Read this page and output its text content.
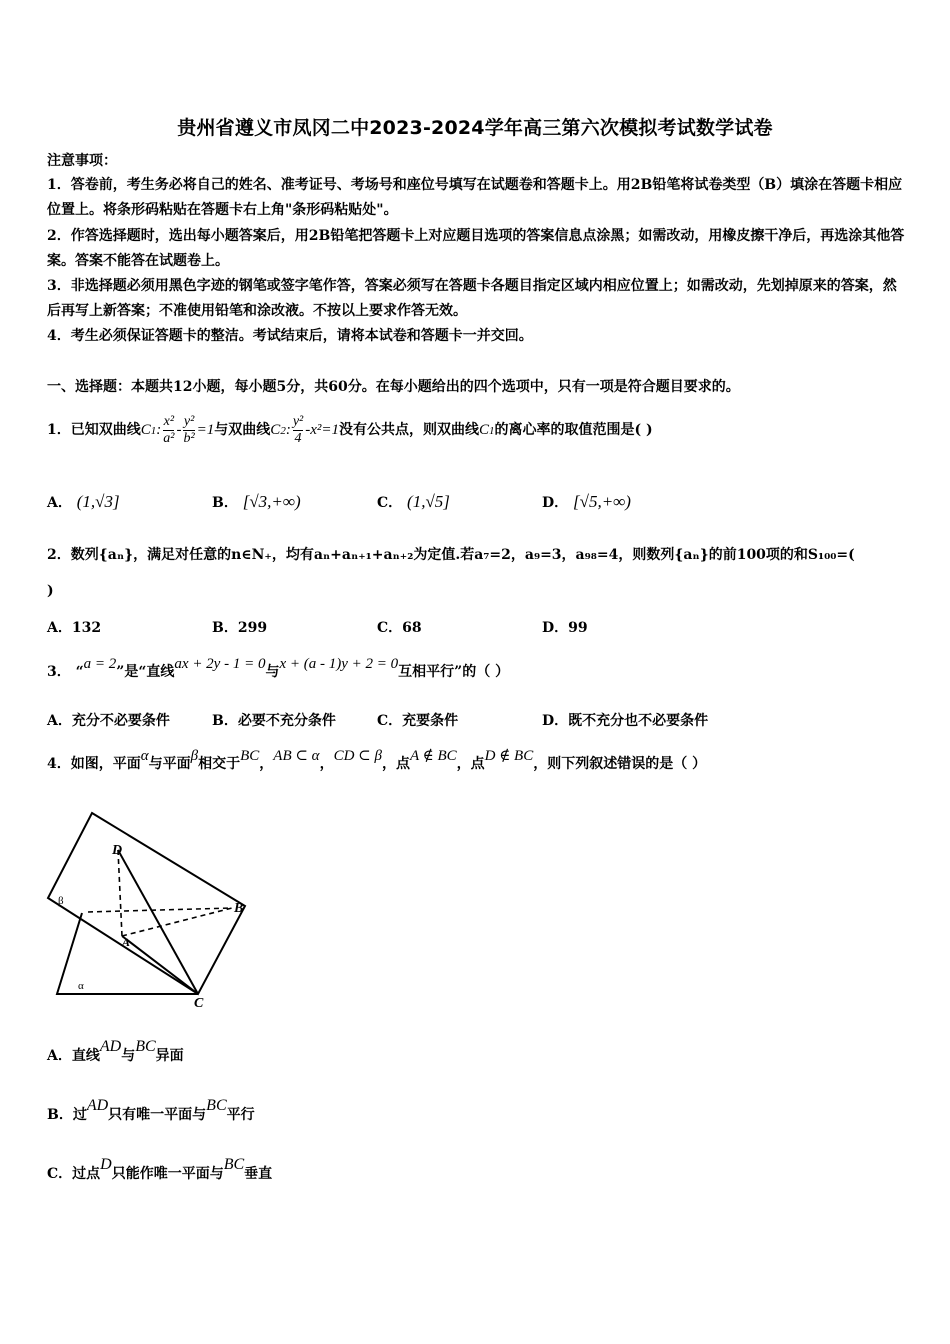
贵州省遵义市凤冈二中2023-2024学年高三第六次模拟考试数学试卷
注意事项：
1．答卷前，考生务必将自己的姓名、准考证号、考场号和座位号填写在试题卷和答题卡上。用2B铅笔将试卷类型（B）填涂在答题卡相应位置上。将条形码粘贴在答题卡右上角"条形码粘贴处"。
2．作答选择题时，选出每小题答案后，用2B铅笔把答题卡上对应题目选项的答案信息点涂黑；如需改动，用橡皮擦干净后，再选涂其他答案。答案不能答在试题卷上。
3．非选择题必须用黑色字迹的钢笔或签字笔作答，答案必须写在答题卡各题目指定区域内相应位置上；如需改动，先划掉原来的答案，然后再写上新答案；不准使用铅笔和涂改液。不按以上要求作答无效。
4．考生必须保证答题卡的整洁。考试结束后，请将本试卷和答题卡一并交回。
一、选择题：本题共12小题，每小题5分，共60分。在每小题给出的四个选项中，只有一项是符合题目要求的。
1．已知双曲线C1: $\frac{\text{x²}}{\text{a²}} - \frac{\text{y²}}{\text{b²}} =1$与双曲线C2: $\frac{\text{y²}}{4} -x^2=1$没有公共点，则双曲线C1的离心率的取值范围是( )
A． (1,√3]	B． [√3,+∞)	C． (1,√5]	D． [√5,+∞)
2．数列{aₙ}，满足对任意的n∈N₊，均有aₙ+aₙ₊₁+aₙ₊₂为定值.若a₇=2，a₉=3，a₉₈=4，则数列{aₙ}的前100项的和S₁₀₀=(
)
A．132	B．299	C．68	D．99
3． “a = 2”是“直线ax + 2y - 1 = 0与x + (a - 1)y + 2 = 0互相平行”的（ ）
A．充分不必要条件	B．必要不充分条件	C．充要条件	D．既不充分也不必要条件
4．如图，平面α与平面β相交于BC，AB ⊂ α，CD ⊂ β，点A ∉ BC，点D ∉ BC，则下列叙述错误的是（ ）
D
B
A
C
β
α
A．直线AD与BC异面
B．过AD只有唯一平面与BC平行
C．过点D只能作唯一平面与BC垂直
